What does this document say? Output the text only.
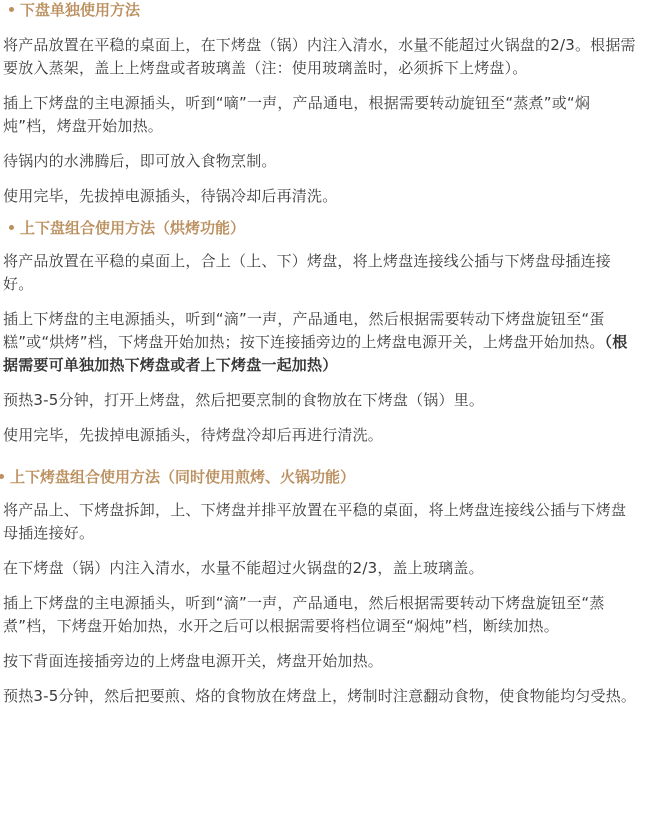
下盘单独使用方法

将产品放置在平稳的桌面上，在下烤盘（锅）内注入清水，水量不能超过火锅盘的2/3。根据需要放入蒸架，盖上上烤盘或者玻璃盖（注：使用玻璃盖时，必须拆下上烤盘）。

插上下烤盘的主电源插头，听到“嘀”一声，产品通电，根据需要转动旋钮至“蒸煮”或“焖炖”档，烤盘开始加热。

待锅内的水沸腾后，即可放入食物烹制。

使用完毕，先拔掉电源插头，待锅冷却后再清洗。

上下盘组合使用方法（烘烤功能）

将产品放置在平稳的桌面上，合上（上、下）烤盘，将上烤盘连接线公插与下烤盘母插连接好。

插上下烤盘的主电源插头，听到“滴”一声，产品通电，然后根据需要转动下烤盘旋钮至“蛋糕”或“烘烤”档，下烤盘开始加热；按下连接插旁边的上烤盘电源开关，上烤盘开始加热。（根据需要可单独加热下烤盘或者上下烤盘一起加热）

预热3-5分钟，打开上烤盘，然后把要烹制的食物放在下烤盘（锅）里。

使用完毕，先拔掉电源插头，待烤盘冷却后再进行清洗。

上下烤盘组合使用方法（同时使用煎烤、火锅功能）

将产品上、下烤盘拆卸，上、下烤盘并排平放置在平稳的桌面，将上烤盘连接线公插与下烤盘母插连接好。

在下烤盘（锅）内注入清水，水量不能超过火锅盘的2/3，盖上玻璃盖。

插上下烤盘的主电源插头，听到“滴”一声，产品通电，然后根据需要转动下烤盘旋钮至“蒸煮”档，下烤盘开始加热，水开之后可以根据需要将档位调至“焖炖”档，断续加热。

按下背面连接插旁边的上烤盘电源开关，烤盘开始加热。

预热3-5分钟，然后把要煎、烙的食物放在烤盘上，烤制时注意翻动食物，使食物能均匀受热。
